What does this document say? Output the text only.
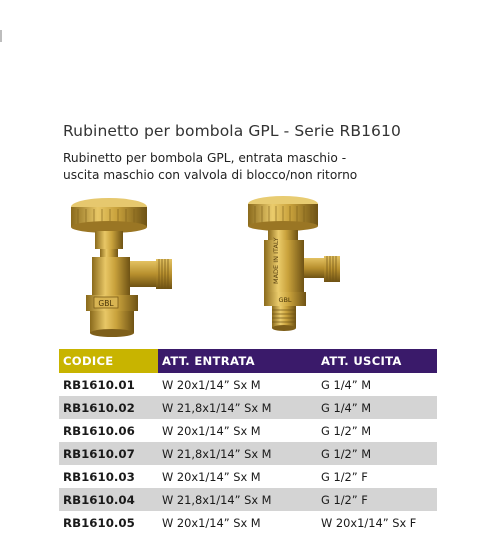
Rubinetto per bombola GPL - Serie RB1610
Rubinetto per bombola GPL, entrata maschio -
uscita maschio con valvola di blocco/non ritorno
GBL
MADE IN ITALY
GBL
CODICE	ATT. ENTRATA	ATT. USCITA
RB1610.01	W 20x1/14” Sx M	G 1/4” M
RB1610.02	W 21,8x1/14” Sx M	G 1/4” M
RB1610.06	W 20x1/14” Sx M	G 1/2” M
RB1610.07	W 21,8x1/14” Sx M	G 1/2” M
RB1610.03	W 20x1/14” Sx M	G 1/2” F
RB1610.04	W 21,8x1/14” Sx M	G 1/2” F
RB1610.05	W 20x1/14” Sx M	W 20x1/14” Sx F
